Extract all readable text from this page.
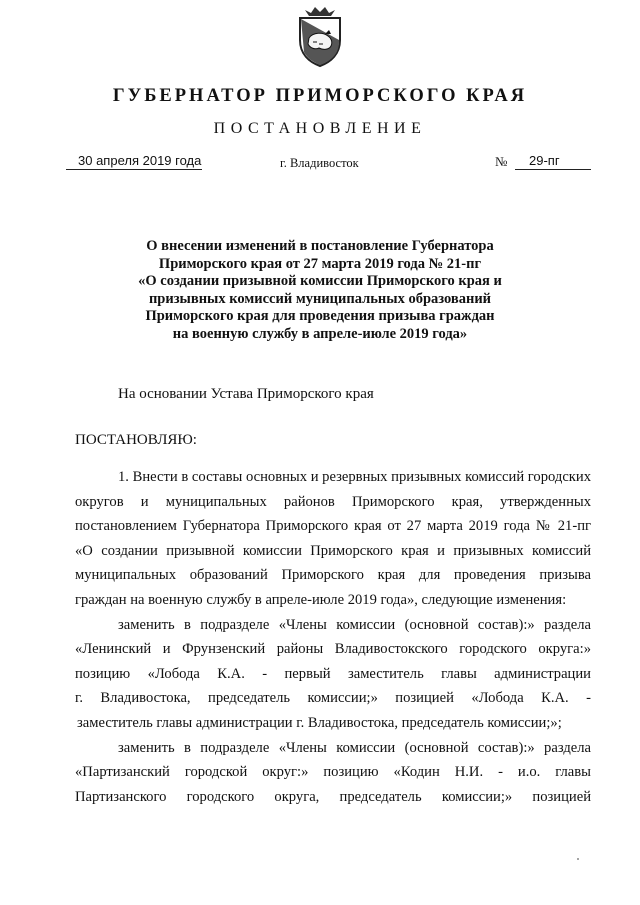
ГУБЕРНАТОР ПРИМОРСКОГО КРАЯ
ПОСТАНОВЛЕНИЕ
30 апреля 2019 года	г. Владивосток	№	29-пг
О внесении изменений в постановление Губернатора
Приморского края от 27 марта 2019 года № 21-пг
«О создании призывной комиссии Приморского края и
призывных комиссий муниципальных образований
Приморского края для проведения призыва граждан
на военную службу в апреле-июле 2019 года»
На основании Устава Приморского края
ПОСТАНОВЛЯЮ:
1. Внести в составы основных и резервных призывных комиссий городских
округов и муниципальных районов Приморского края, утвержденных
постановлением Губернатора Приморского края от 27 марта 2019 года № 21-пг
«О создании призывной комиссии Приморского края и призывных комиссий
муниципальных образований Приморского края для проведения призыва
граждан на военную службу в апреле-июле 2019 года», следующие изменения:
заменить в подразделе «Члены комиссии (основной состав):» раздела
«Ленинский и Фрунзенский районы Владивостокского городского округа:»
позицию «Лобода К.А. - первый заместитель главы администрации
г. Владивостока, председатель комиссии;» позицией «Лобода К.А. -
заместитель главы администрации г. Владивостока, председатель комиссии;»;
заменить в подразделе «Члены комиссии (основной состав):» раздела
«Партизанский городской округ:» позицию «Кодин Н.И. - и.о. главы
Партизанского городского округа, председатель комиссии;» позицией
